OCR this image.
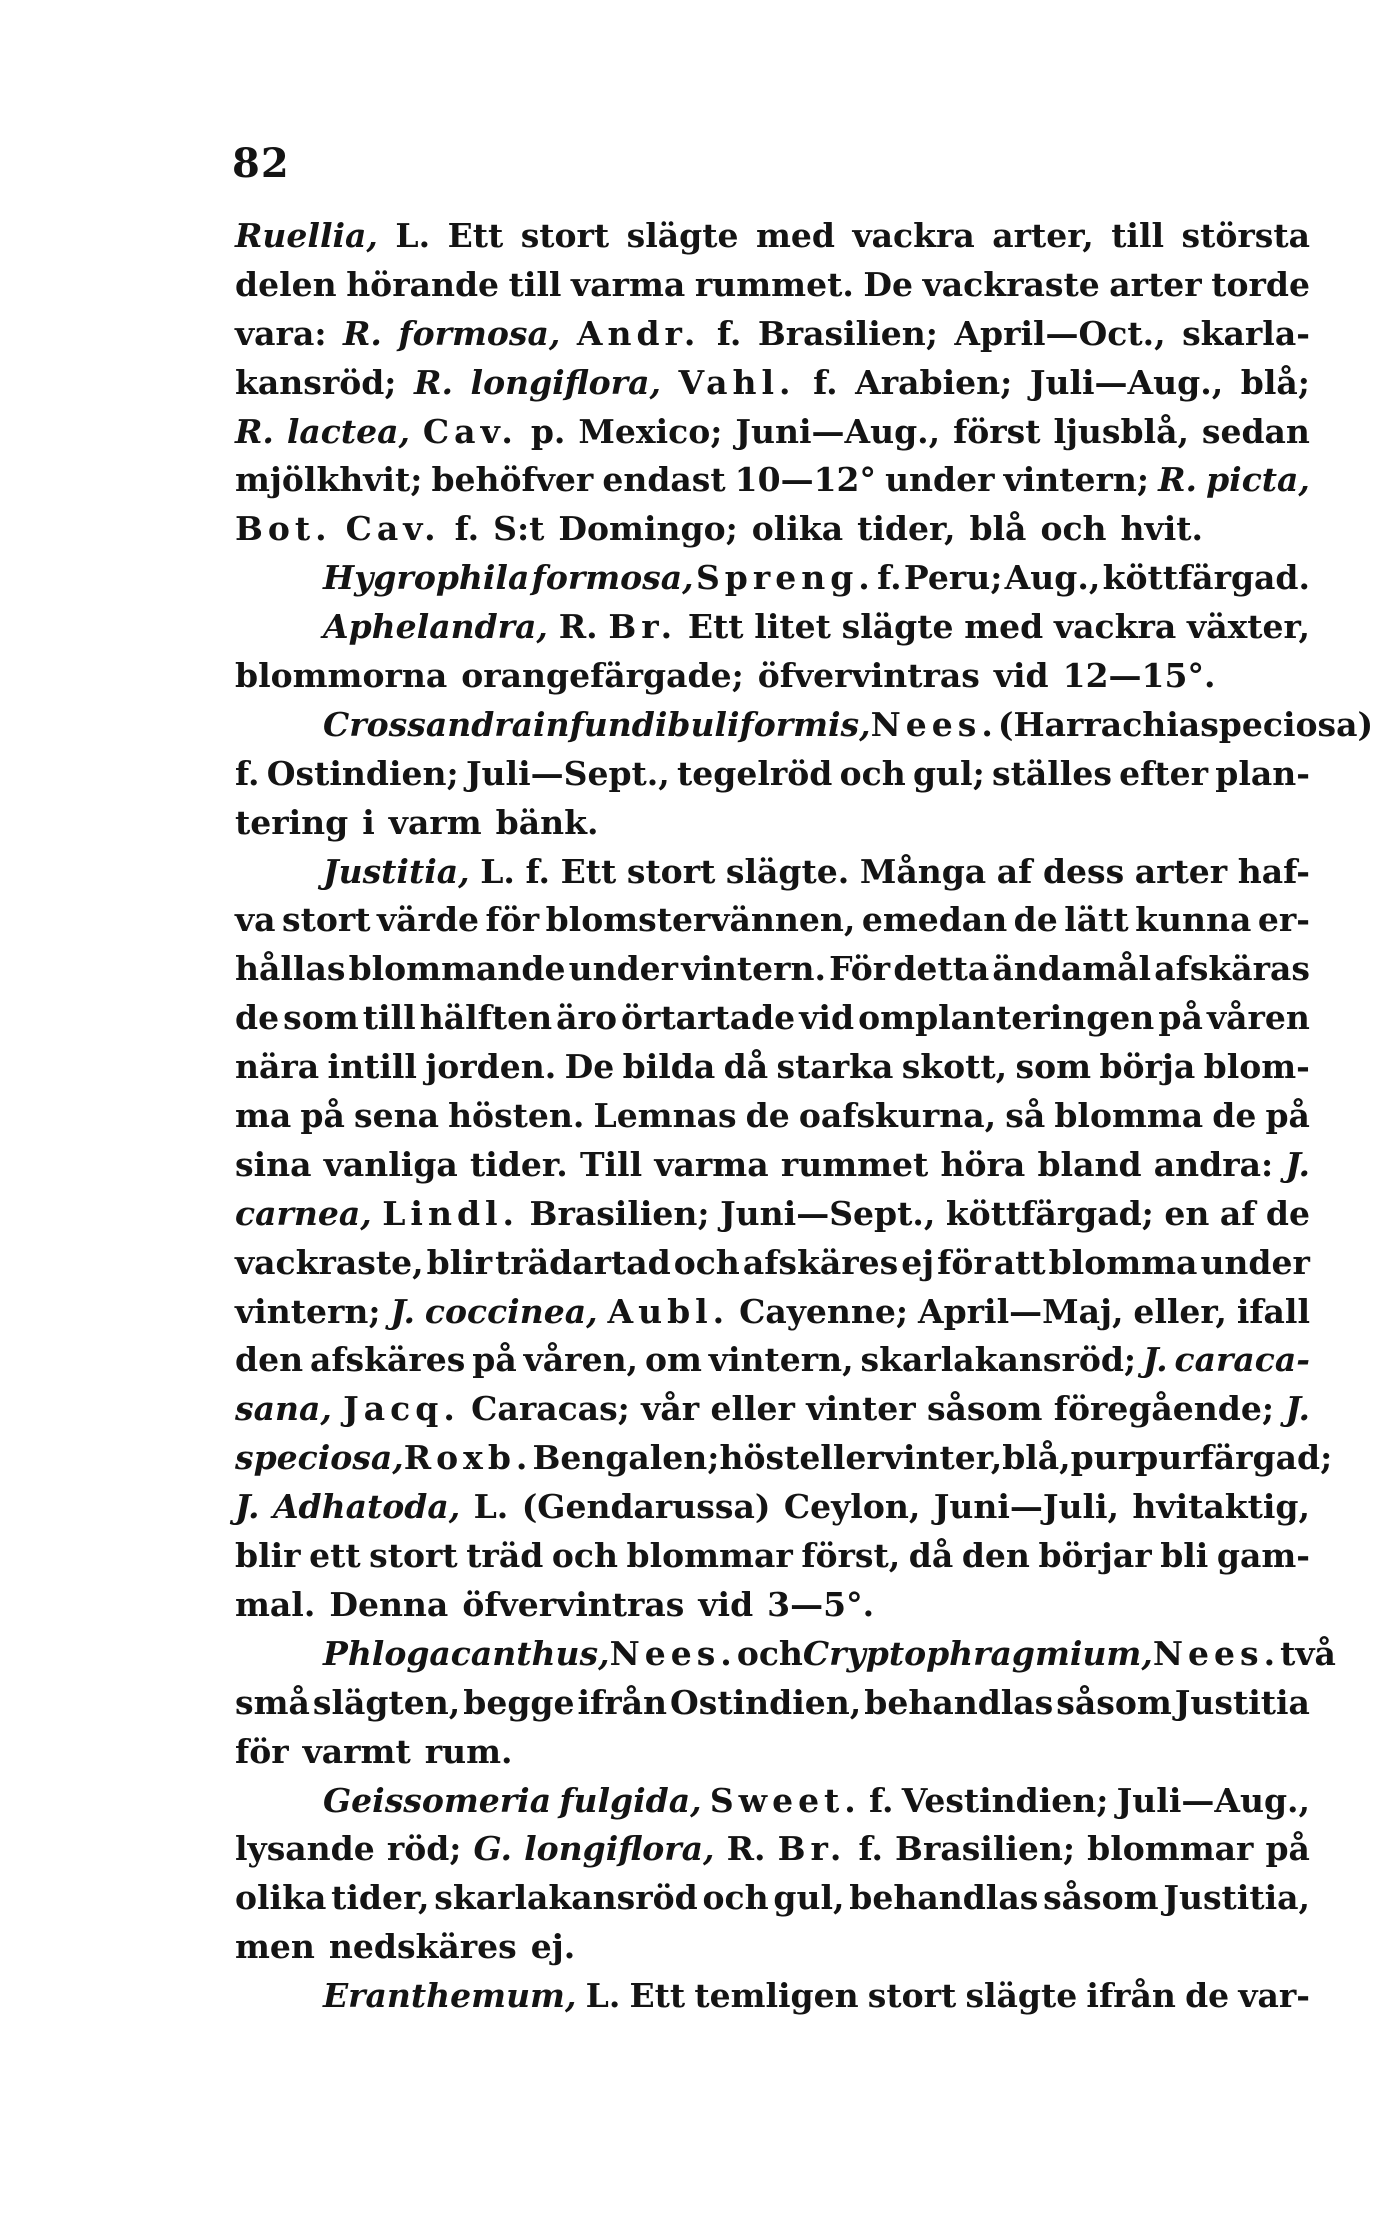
82
Ruellia, L. Ett stort slägte med vackra arter, till största
delen hörande till varma rummet. De vackraste arter torde
vara: R. formosa, Andr. f. Brasilien; April—Oct., skarla-
kansröd; R. longiflora, Vahl. f. Arabien; Juli—Aug., blå;
R. lactea, Cav. p. Mexico; Juni—Aug., först ljusblå, sedan
mjölkhvit; behöfver endast 10—12° under vintern; R. picta,
Bot. Cav. f. S:t Domingo; olika tider, blå och hvit.
Hygrophila formosa, Spreng. f. Peru; Aug., köttfärgad.
Aphelandra, R. Br. Ett litet slägte med vackra växter,
blommorna orangefärgade; öfvervintras vid 12—15°.
Crossandra infundibuliformis, Nees. (Harrachia speciosa)
f. Ostindien; Juli—Sept., tegelröd och gul; ställes efter plan-
tering i varm bänk.
Justitia, L. f. Ett stort slägte. Många af dess arter haf-
va stort värde för blomstervännen, emedan de lätt kunna er-
hållas blommande under vintern. För detta ändamål afskäras
de som till hälften äro örtartade vid omplanteringen på våren
nära intill jorden. De bilda då starka skott, som börja blom-
ma på sena hösten. Lemnas de oafskurna, så blomma de på
sina vanliga tider. Till varma rummet höra bland andra: J.
carnea, Lindl. Brasilien; Juni—Sept., köttfärgad; en af de
vackraste, blir trädartad och afskäres ej för att blomma under
vintern; J. coccinea, Aubl. Cayenne; April—Maj, eller, ifall
den afskäres på våren, om vintern, skarlakansröd; J. caraca-
sana, Jacq. Caracas; vår eller vinter såsom föregående; J.
speciosa, Roxb. Bengalen; höst eller vinter, blå, purpurfärgad;
J. Adhatoda, L. (Gendarussa) Ceylon, Juni—Juli, hvitaktig,
blir ett stort träd och blommar först, då den börjar bli gam-
mal. Denna öfvervintras vid 3—5°.
Phlogacanthus, Nees. och Cryptophragmium, Nees. två
små slägten, begge ifrån Ostindien, behandlas såsom Justitia
för varmt rum.
Geissomeria fulgida, Sweet. f. Vestindien; Juli—Aug.,
lysande röd; G. longiflora, R. Br. f. Brasilien; blommar på
olika tider, skarlakansröd och gul, behandlas såsom Justitia,
men nedskäres ej.
Eranthemum, L. Ett temligen stort slägte ifrån de var-
